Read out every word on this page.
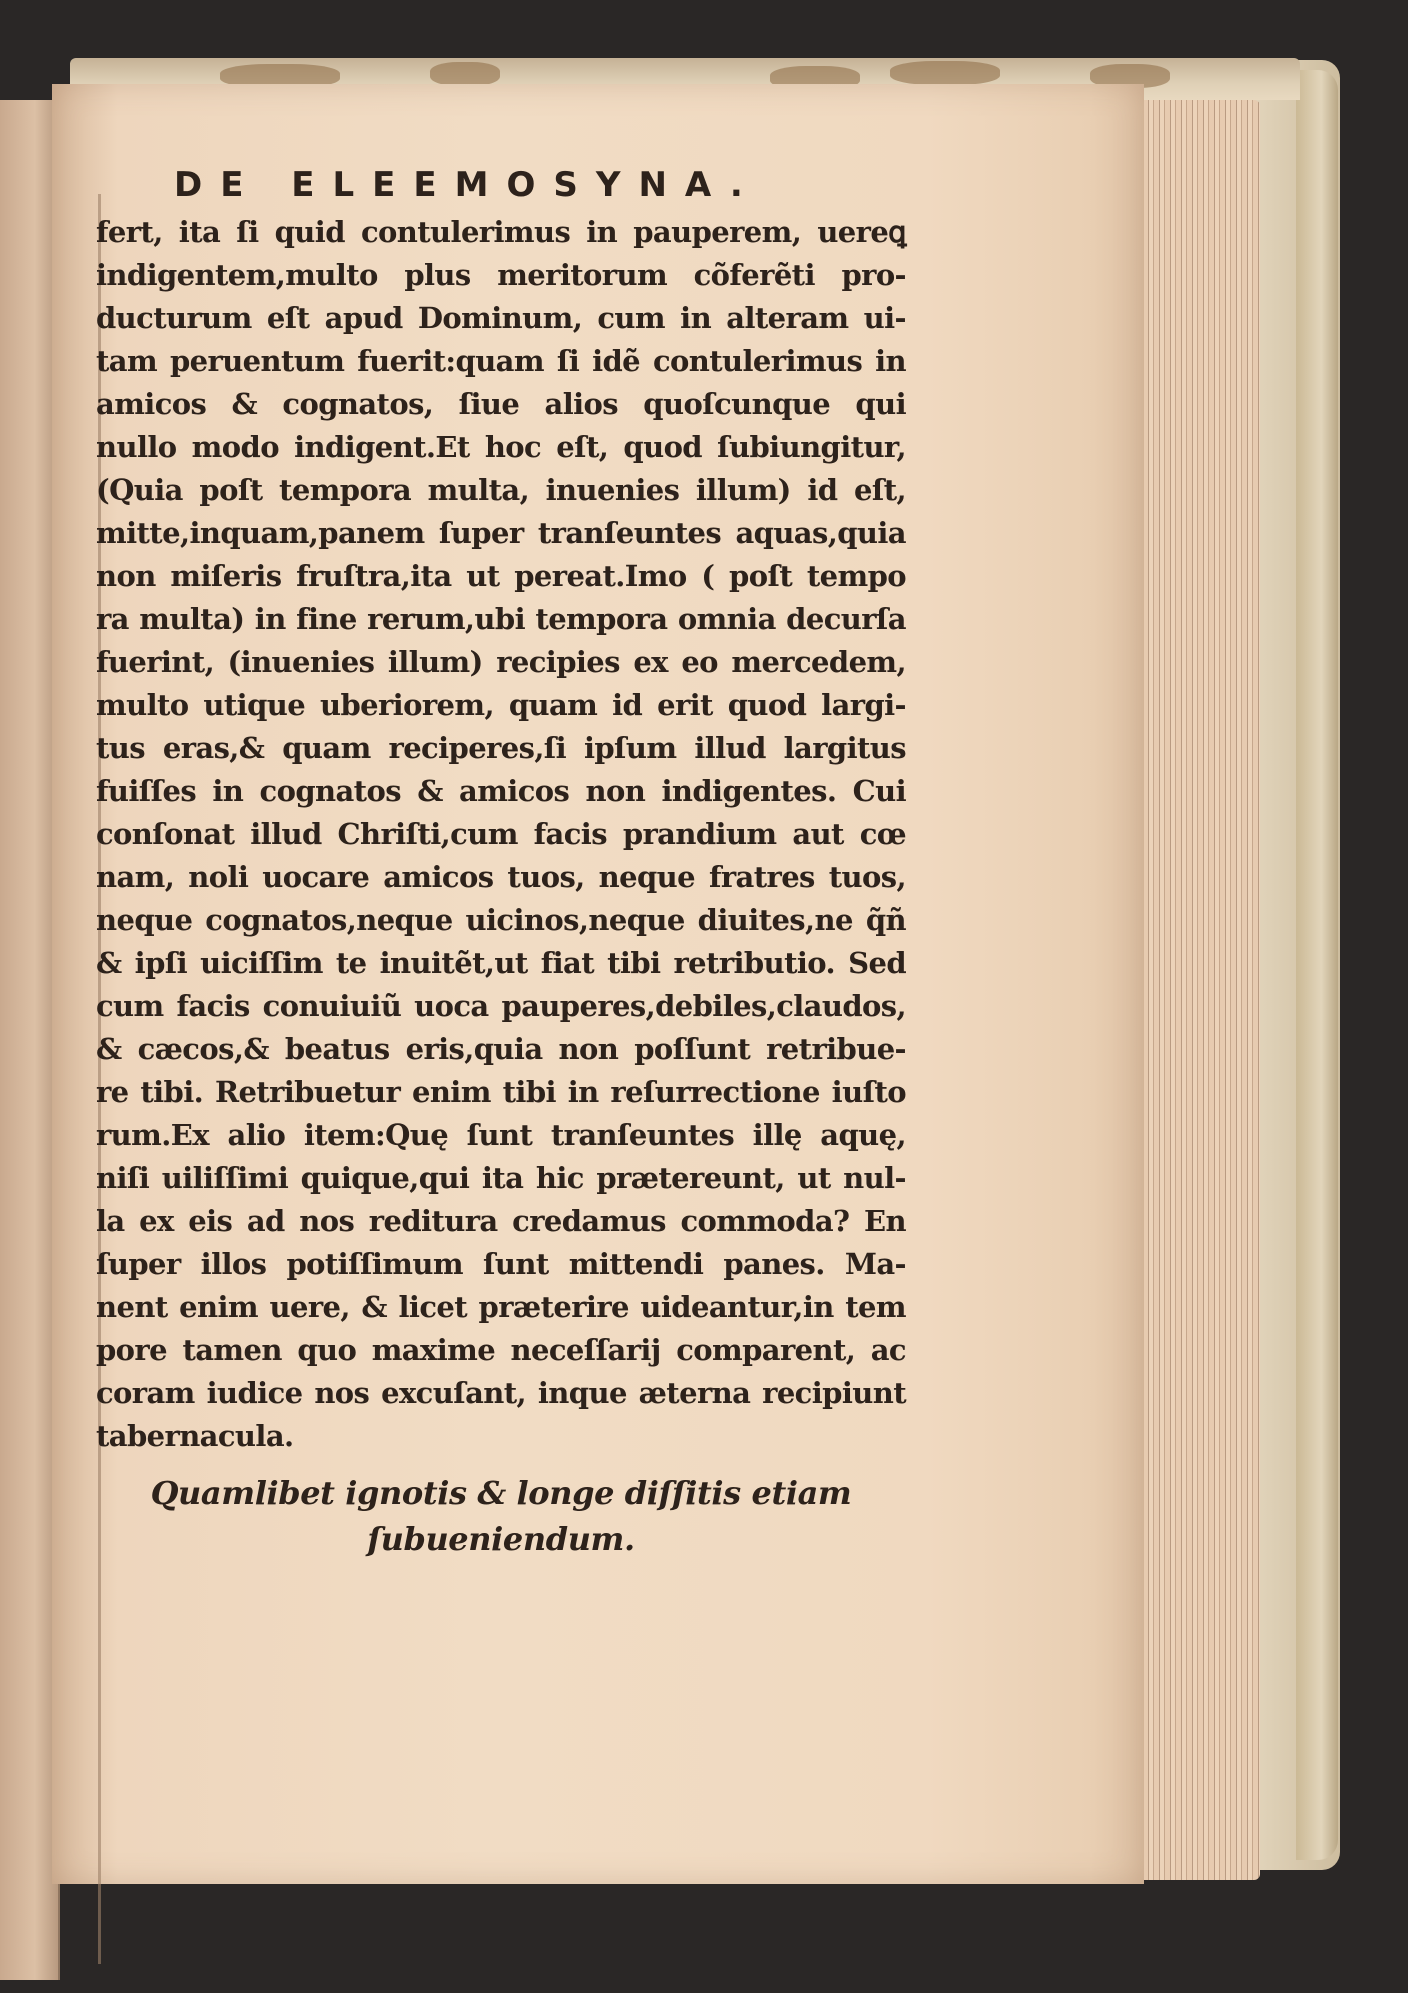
DE ELEEMOSYNA.
fert, ita ſi quid contulerimus in pauperem, uereꝗ
indigentem,multo plus meritorum cõferẽti pro-
ducturum eſt apud Dominum, cum in alteram ui-
tam peruentum fuerit:quam ſi idẽ contulerimus in
amicos & cognatos, ſiue alios quoſcunque qui
nullo modo indigent.Et hoc eſt, quod ſubiungitur,
(Quia poſt tempora multa, inuenies illum) id eſt,
mitte,inquam,panem ſuper tranſeuntes aquas,quia
non miſeris fruſtra,ita ut pereat.Imo ( poſt tempo
ra multa) in fine rerum,ubi tempora omnia decurſa
fuerint, (inuenies illum) recipies ex eo mercedem,
multo utique uberiorem, quam id erit quod largi-
tus eras,& quam reciperes,ſi ipſum illud largitus
fuiſſes in cognatos & amicos non indigentes. Cui
conſonat illud Chriſti,cum facis prandium aut cœ
nam, noli uocare amicos tuos, neque fratres tuos,
neque cognatos,neque uicinos,neque diuites,ne q̃ñ
& ipſi uiciſſim te inuitẽt,ut fiat tibi retributio. Sed
cum facis conuiuiũ uoca pauperes,debiles,claudos,
& cæcos,& beatus eris,quia non poſſunt retribue-
re tibi. Retribuetur enim tibi in reſurrectione iuſto
rum.Ex alio item:Quę ſunt tranſeuntes illę aquę,
niſi uiliſſimi quique,qui ita hic prætereunt, ut nul-
la ex eis ad nos reditura credamus commoda? En
ſuper illos potiſſimum ſunt mittendi panes. Ma-
nent enim uere, & licet præterire uideantur,in tem
pore tamen quo maxime neceſſarij comparent, ac
coram iudice nos excuſant, inque æterna recipiunt
tabernacula.
Quamlibet ignotis & longe diſſitis etiam
ſubueniendum.
